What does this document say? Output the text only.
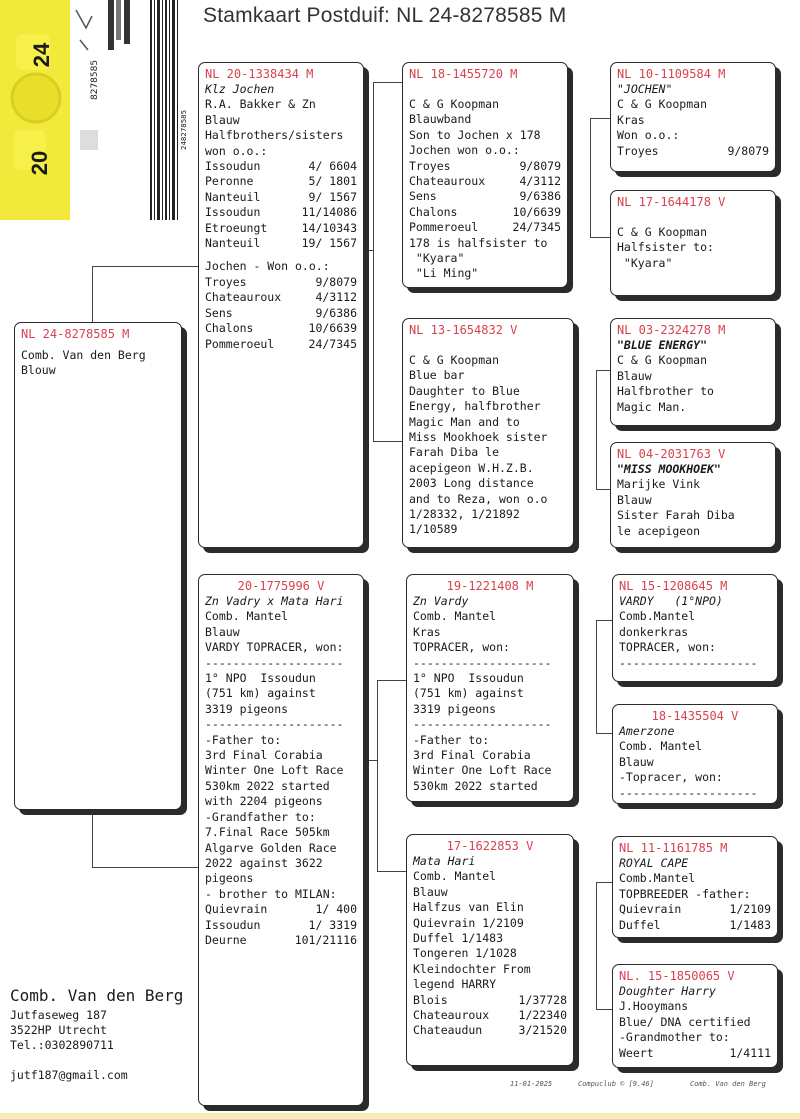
20
24
8278585
248278585
Stamkaart Postduif: NL 24-8278585 M
NL 24-8278585 M
Comb. Van den Berg
Blouw
NL 20-1338434 M
Klz Jochen
R.A. Bakker & Zn
Blauw
Halfbrothers/sisters
won o.o.:
Issoudun	4/ 6604
Peronne	5/ 1801
Nanteuil	9/ 1567
Issoudun	11/14086
Etroeungt	14/10343
Nanteuil	19/ 1567
Jochen - Won o.o.:
Troyes	9/8079
Chateauroux	4/3112
Sens	9/6386
Chalons	10/6639
Pommeroeul	24/7345
NL 18-1455720 M
C & G Koopman
Blauwband
Son to Jochen x 178
Jochen won o.o.:
Troyes	9/8079
Chateauroux	4/3112
Sens	9/6386
Chalons	10/6639
Pommeroeul	24/7345
178 is halfsister to
"Kyara"
"Li Ming"
NL 10-1109584 M
"JOCHEN"
C & G Koopman
Kras
Won o.o.:
Troyes	9/8079
NL 17-1644178 V
C & G Koopman
Halfsister to:
"Kyara"
NL 13-1654832 V
C & G Koopman
Blue bar
Daughter to Blue
Energy, halfbrother
Magic Man and to
Miss Mookhoek sister
Farah Diba le
acepigeon W.H.Z.B.
2003 Long distance
and to Reza, won o.o
1/28332, 1/21892
1/10589
NL 03-2324278 M
"BLUE ENERGY"
C & G Koopman
Blauw
Halfbrother to
Magic Man.
NL 04-2031763 V
"MISS MOOKHOEK"
Marijke Vink
Blauw
Sister Farah Diba
le acepigeon
20-1775996 V
Zn Vadry x Mata Hari
Comb. Mantel
Blauw
VARDY TOPRACER, won:
--------------------
1° NPO  Issoudun
(751 km) against
3319 pigeons
--------------------
-Father to:
3rd Final Corabia
Winter One Loft Race
530km 2022 started
with 2204 pigeons
-Grandfather to:
7.Final Race 505km
Algarve Golden Race
2022 against 3622
pigeons
- brother to MILAN:
Quievrain	1/ 400
Issoudun	1/ 3319
Deurne	101/21116
19-1221408 M
Zn Vardy
Comb. Mantel
Kras
TOPRACER, won:
--------------------
1° NPO  Issoudun
(751 km) against
3319 pigeons
--------------------
-Father to:
3rd Final Corabia
Winter One Loft Race
530km 2022 started
NL 15-1208645 M
VARDY   (1°NPO)
Comb.Mantel
donkerkras
TOPRACER, won:
--------------------
18-1435504 V
Amerzone
Comb. Mantel
Blauw
-Topracer, won:
--------------------
17-1622853 V
Mata Hari
Comb. Mantel
Blauw
Halfzus van Elin
Quievrain 1/2109
Duffel 1/1483
Tongeren 1/1028
Kleindochter From
legend HARRY
Blois	1/37728
Chateauroux	1/22340
Chateaudun	3/21520
NL 11-1161785 M
ROYAL CAPE
Comb.Mantel
TOPBREEDER -father:
Quievrain	1/2109
Duffel	1/1483
NL. 15-1850065 V
Doughter Harry
J.Hooymans
Blue/ DNA certified
-Grandmother to:
Weert	1/4111
Comb. Van den Berg
Jutfaseweg 187
3522HP Utrecht
Tel.:0302890711
jutf187@gmail.com
11-01-2025	Compuclub © [9.46]	Comb. Van den Berg
